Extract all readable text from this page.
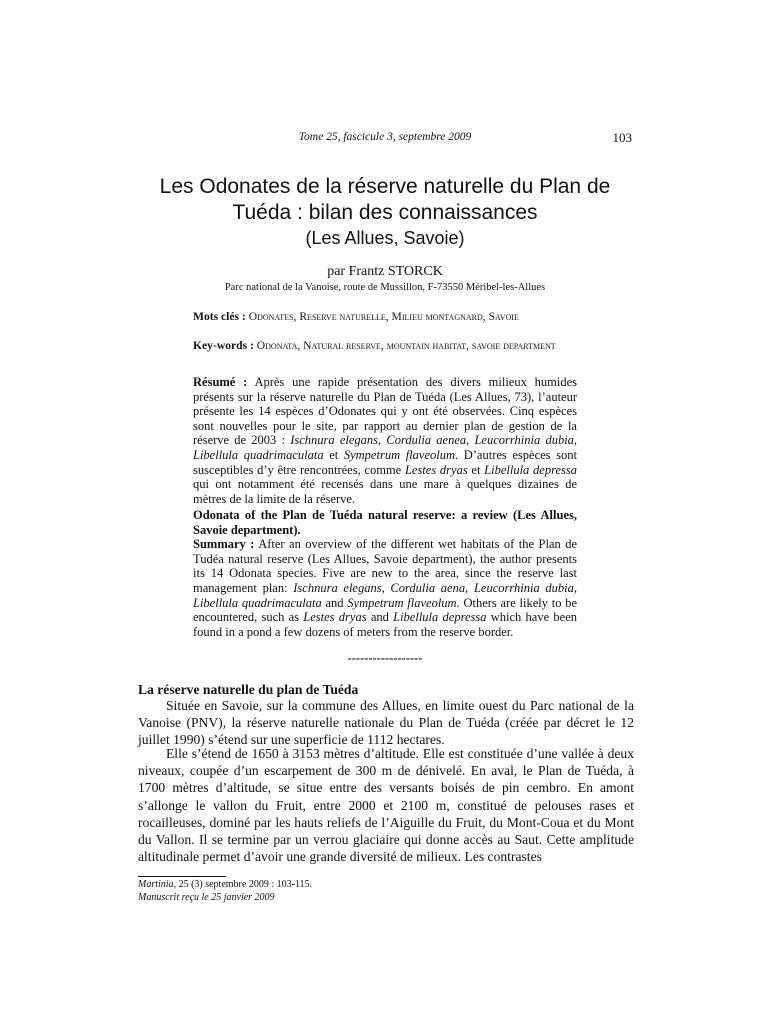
Tome 25, fascicule 3, septembre 2009	103
Les Odonates de la réserve naturelle du Plan de
Tuéda : bilan des connaissances
(Les Allues, Savoie)
par Frantz STORCK
Parc national de la Vanoise, route de Mussillon, F-73550 Méribel-les-Allues
Mots clés : Odonates, Reserve naturelle, Milieu montagnard, Savoie
Key-words : Odonata, Natural reserve, mountain habitat, savoie department
Résumé : Après une rapide présentation des divers milieux humides présents sur la réserve naturelle du Plan de Tuéda (Les Allues, 73), l’auteur présente les 14 espèces d’Odonates qui y ont été observées. Cinq espèces sont nouvelles pour le site, par rapport au dernier plan de gestion de la réserve de 2003 : Ischnura elegans, Cordulia aenea, Leucorrhinia dubia, Libellula quadrimaculata et Sympetrum flaveolum. D’autres espèces sont susceptibles d’y être rencontrées, comme Lestes dryas et Libellula depressa qui ont notamment été recensés dans une mare à quelques dizaines de mètres de la limite de la réserve.
Odonata of the Plan de Tuéda natural reserve: a review (Les Allues, Savoie department).
Summary : After an overview of the different wet habitats of the Plan de Tudéa natural reserve (Les Allues, Savoie department), the author presents its 14 Odonata species. Five are new to the area, since the reserve last management plan: Ischnura elegans, Cordulia aena, Leucorrhinia dubia, Libellula quadrimaculata and Sympetrum flaveolum. Others are likely to be encountered, such as Lestes dryas and Libellula depressa which have been found in a pond a few dozens of meters from the reserve border.
------------------
La réserve naturelle du plan de Tuéda

Située en Savoie, sur la commune des Allues, en limite ouest du Parc national de la Vanoise (PNV), la réserve naturelle nationale du Plan de Tuéda (créée par décret le 12 juillet 1990) s’étend sur une superficie de 1112 hectares.

Elle s’étend de 1650 à 3153 mètres d’altitude. Elle est constituée d’une vallée à deux niveaux, coupée d’un escarpement de 300 m de dénivelé. En aval, le Plan de Tuéda, à 1700 mètres d’altitude, se situe entre des versants boisés de pin cembro. En amont s’allonge le vallon du Fruit, entre 2000 et 2100 m, constitué de pelouses rases et rocailleuses, dominé par les hauts reliefs de l’Aiguille du Fruit, du Mont-Coua et du Mont du Vallon. Il se termine par un verrou glaciaire qui donne accès au Saut. Cette amplitude altitudinale permet d’avoir une grande diversité de milieux. Les contrastes

Martinia, 25 (3) septembre 2009 : 103-115.
Manuscrit reçu le 25 janvier 2009
